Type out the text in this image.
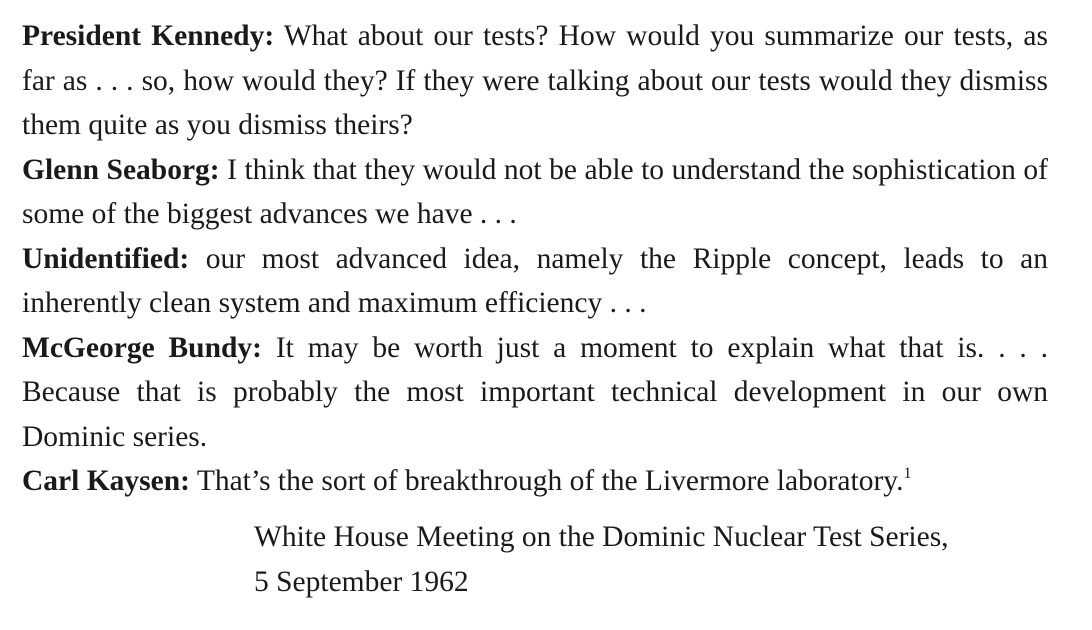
President Kennedy: What about our tests? How would you summarize our tests, as far as . . . so, how would they? If they were talking about our tests would they dismiss them quite as you dismiss theirs?

Glenn Seaborg: I think that they would not be able to understand the sophistication of some of the biggest advances we have . . .

Unidentified: our most advanced idea, namely the Ripple concept, leads to an inherently clean system and maximum efficiency . . .

McGeorge Bundy: It may be worth just a moment to explain what that is. . . . Because that is probably the most important technical development in our own Dominic series.

Carl Kaysen: That’s the sort of breakthrough of the Livermore laboratory.$^1$

White House Meeting on the Dominic Nuclear Test Series,
5 September 1962
